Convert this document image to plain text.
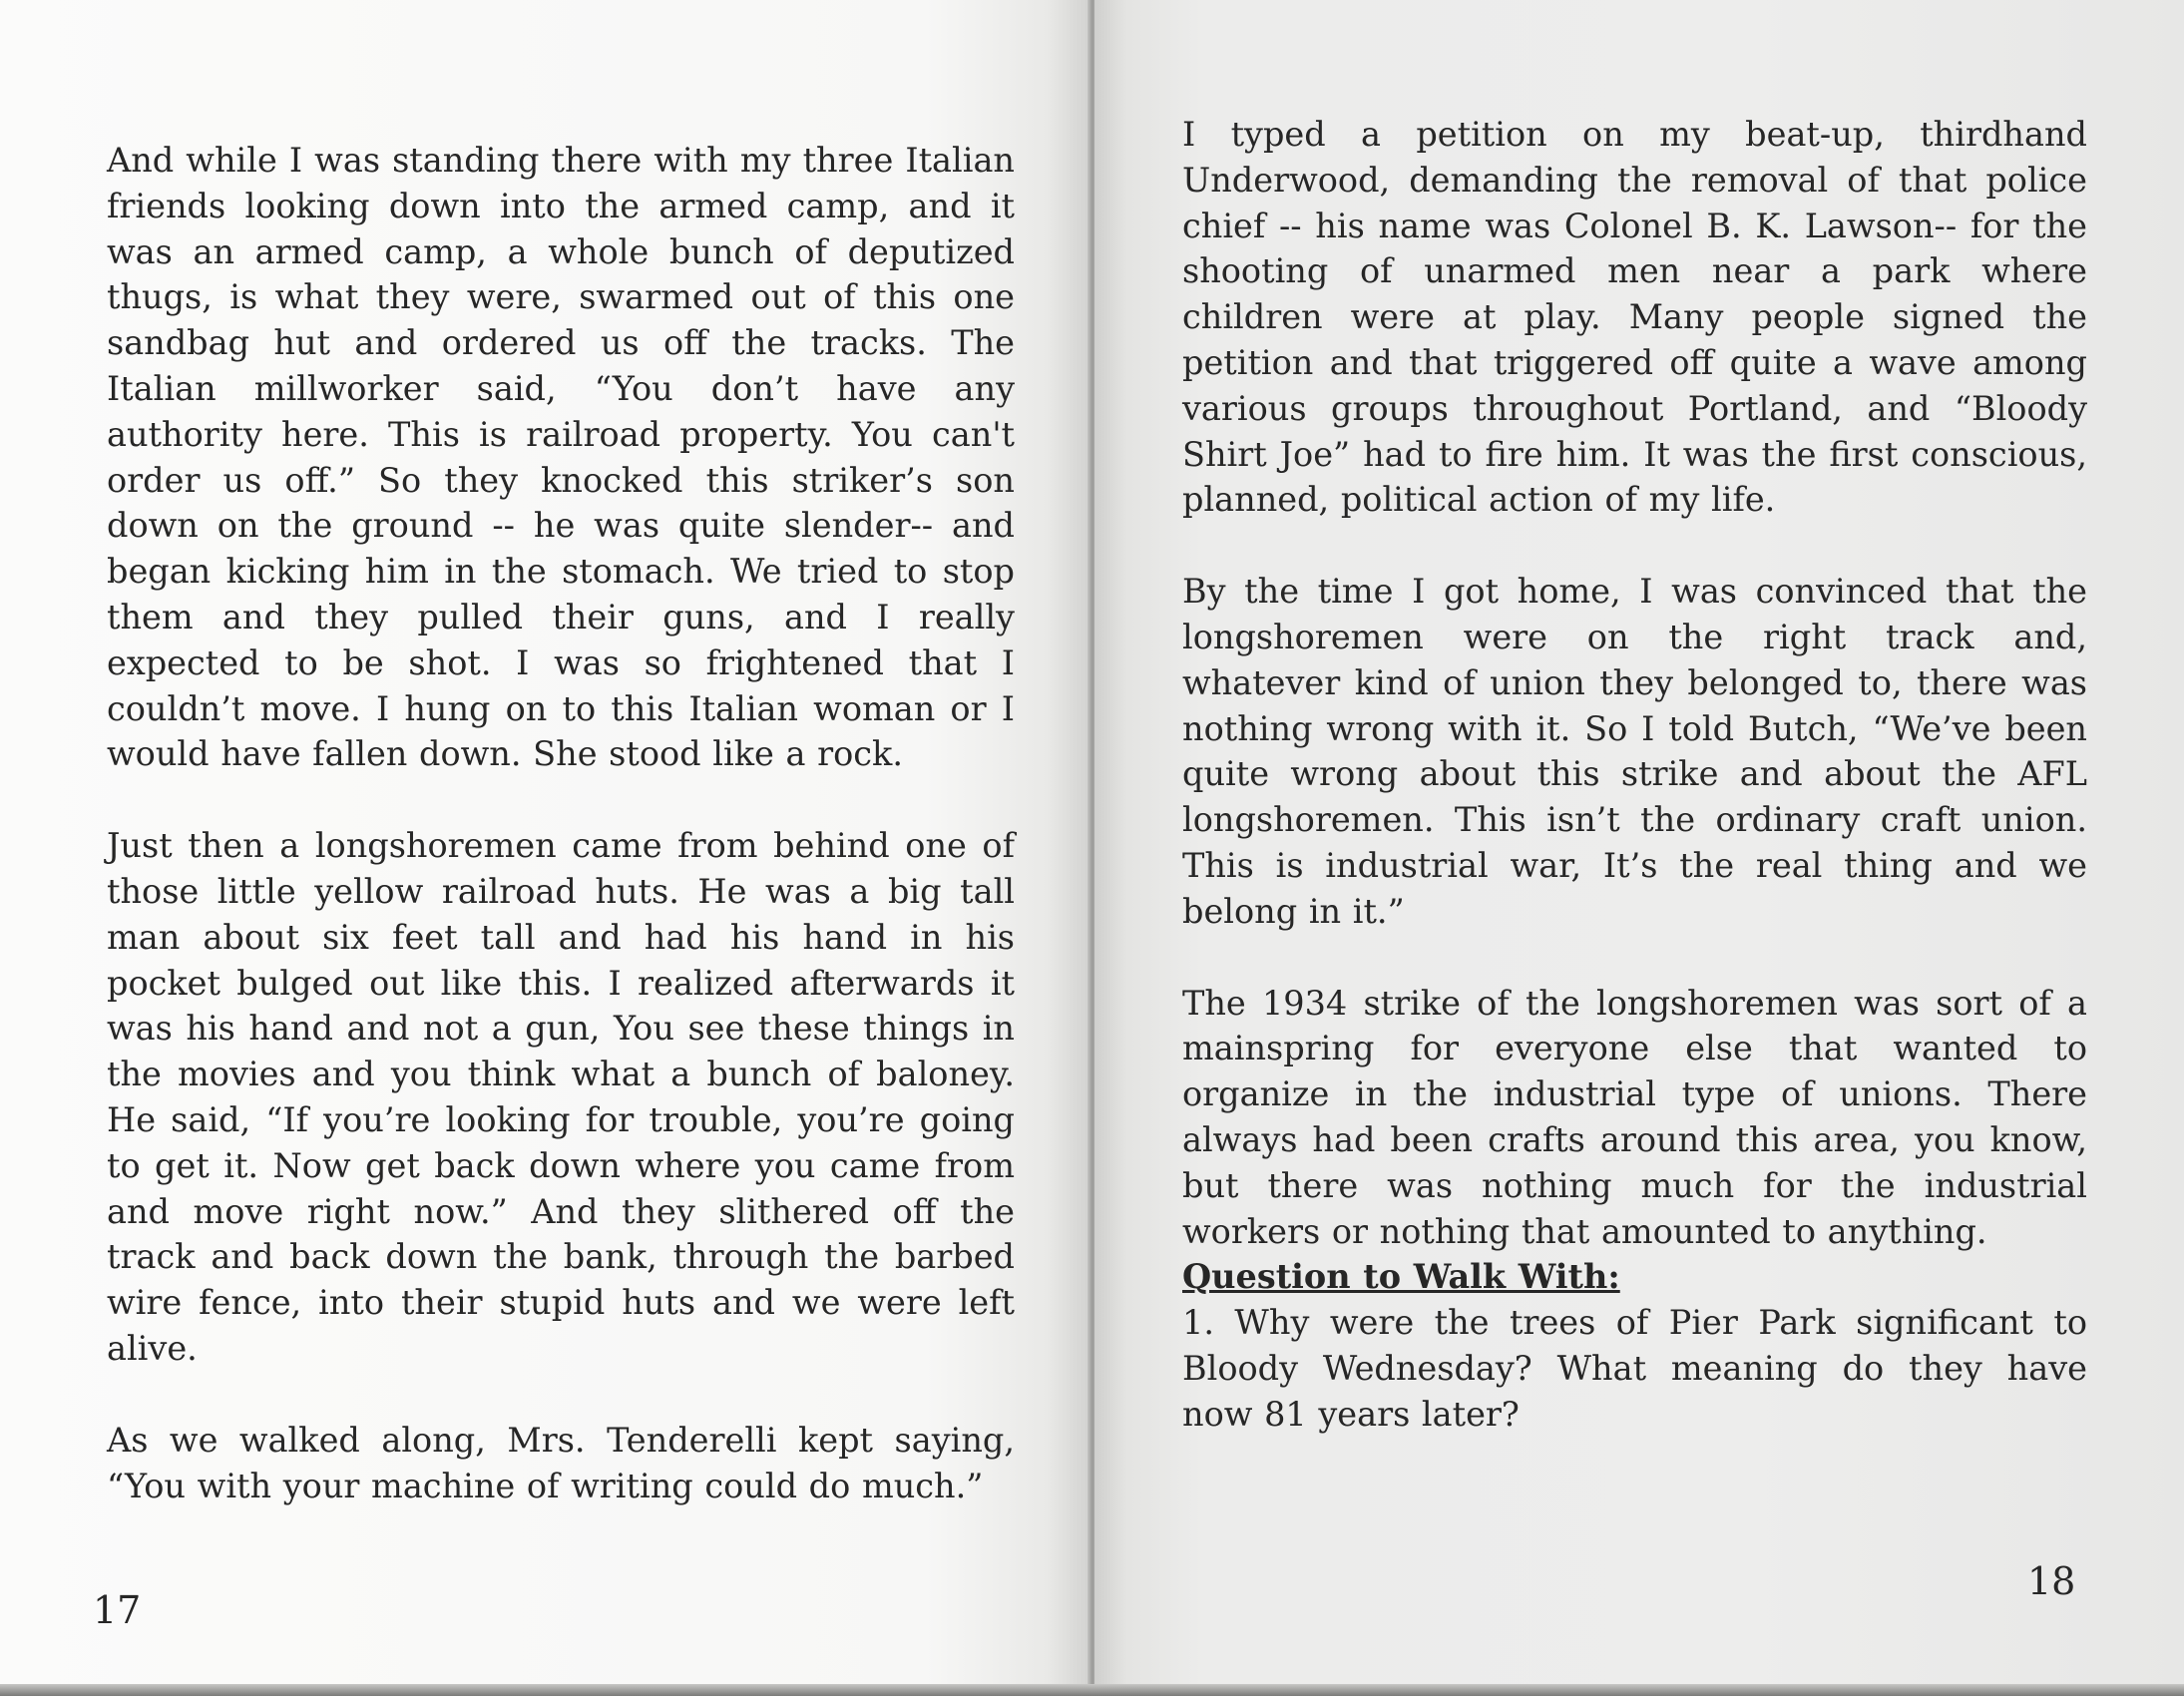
And while I was standing there with my three Italian friends looking down into the armed camp, and it was an armed camp, a whole bunch of deputized thugs, is what they were, swarmed out of this one sandbag hut and ordered us off the tracks. The Italian millworker said, “You don’t have any authority here. This is railroad property. You can't order us off.” So they knocked this striker’s son down on the ground -- he was quite slender-- and began kicking him in the stomach. We tried to stop them and they pulled their guns, and I really expected to be shot. I was so frightened that I couldn’t move. I hung on to this Italian woman or I would have fallen down. She stood like a rock.

Just then a longshoremen came from behind one of those little yellow railroad huts. He was a big tall man about six feet tall and had his hand in his pocket bulged out like this. I realized afterwards it was his hand and not a gun, You see these things in the movies and you think what a bunch of baloney. He said, “If you’re looking for trouble, you’re going to get it. Now get back down where you came from and move right now.” And they slithered off the track and back down the bank, through the barbed wire fence, into their stupid huts and we were left alive.

As we walked along, Mrs. Tenderelli kept saying, “You with your machine of writing could do much.”

17

I typed a petition on my beat-up, thirdhand Underwood, demanding the removal of that police chief -- his name was Colonel B. K. Lawson-- for the shooting of unarmed men near a park where children were at play. Many people signed the petition and that triggered off quite a wave among various groups throughout Portland, and “Bloody Shirt Joe” had to fire him. It was the first conscious, planned, political action of my life.

By the time I got home, I was convinced that the longshoremen were on the right track and, whatever kind of union they belonged to, there was nothing wrong with it. So I told Butch, “We’ve been quite wrong about this strike and about the AFL longshoremen. This isn’t the ordinary craft union. This is industrial war, It’s the real thing and we belong in it.”

The 1934 strike of the longshoremen was sort of a mainspring for everyone else that wanted to organize in the industrial type of unions. There always had been crafts around this area, you know, but there was nothing much for the industrial workers or nothing that amounted to anything.

Question to Walk With:

1. Why were the trees of Pier Park significant to Bloody Wednesday? What meaning do they have now 81 years later?

18
